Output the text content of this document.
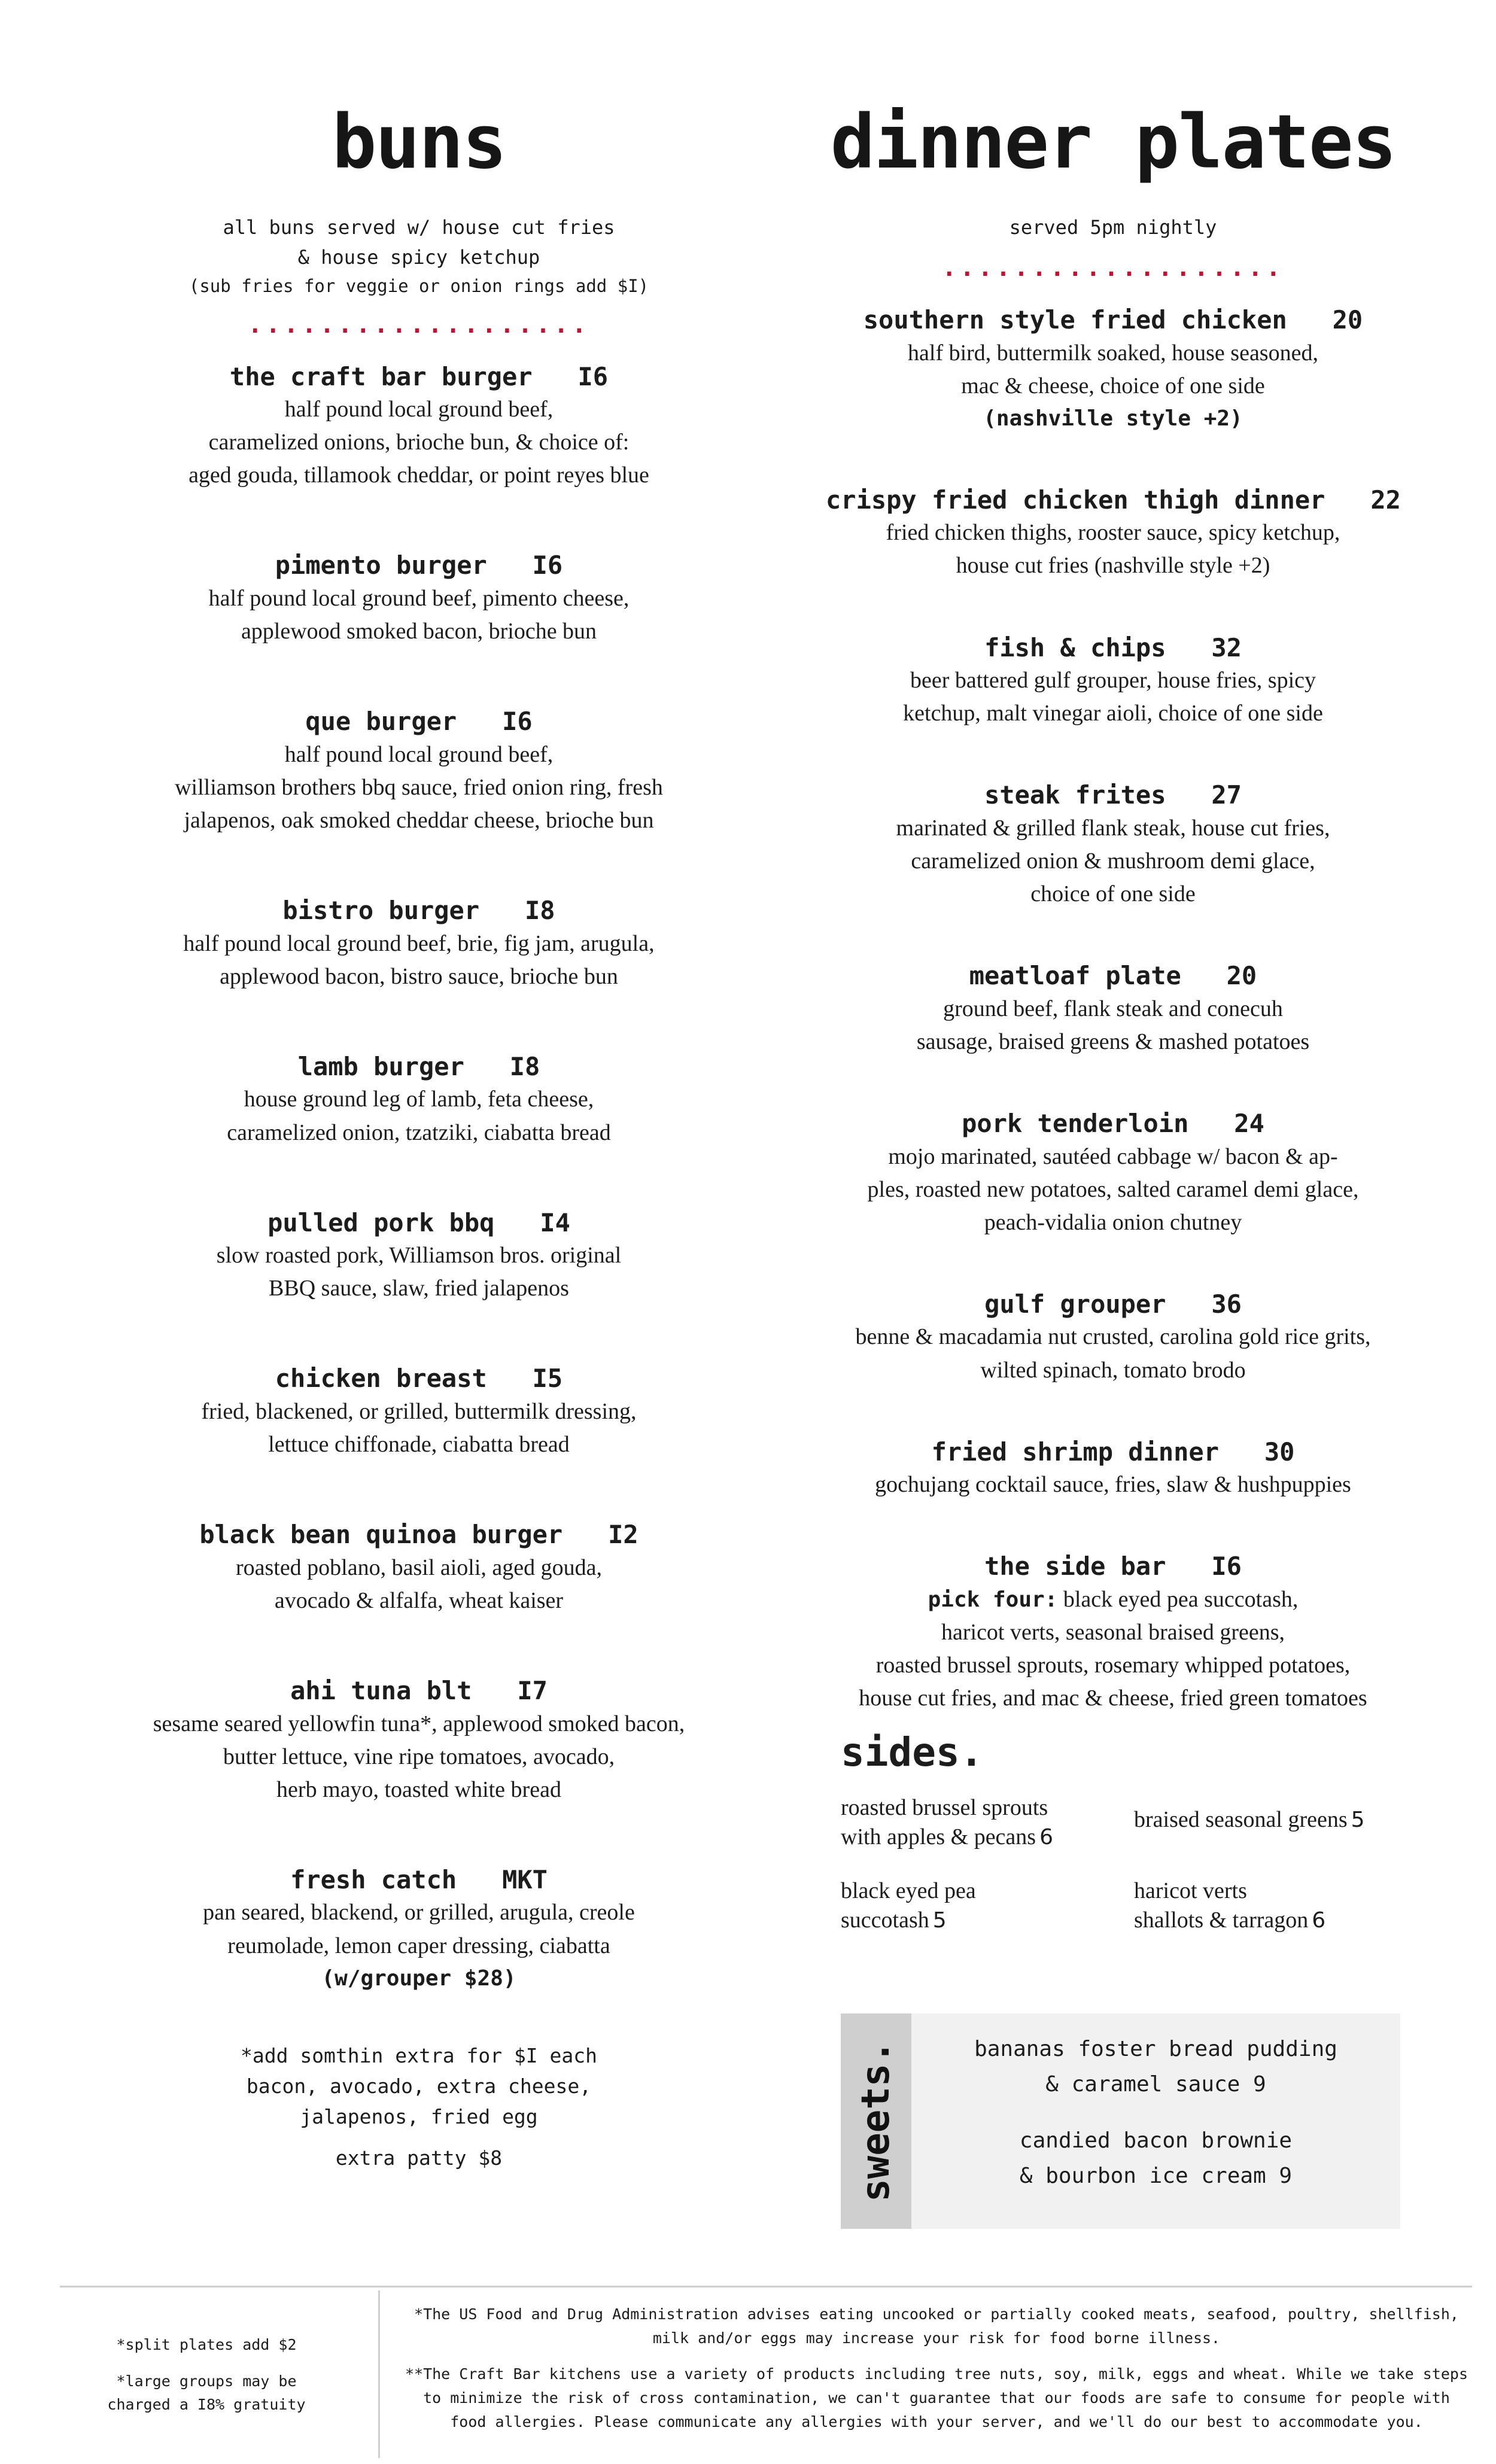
buns

all buns served w/ house cut fries

& house spicy ketchup

(sub fries for veggie or onion rings add $I)

...................
the craft bar burger I6
half pound local ground beef,
caramelized onions, brioche bun, & choice of:
aged gouda, tillamook cheddar, or point reyes blue
pimento burger I6
half pound local ground beef, pimento cheese,
applewood smoked bacon, brioche bun
que burger I6
half pound local ground beef,
williamson brothers bbq sauce, fried onion ring, fresh
jalapenos, oak smoked cheddar cheese, brioche bun
bistro burger I8
half pound local ground beef, brie, fig jam, arugula,
applewood bacon, bistro sauce, brioche bun
lamb burger I8
house ground leg of lamb, feta cheese,
caramelized onion, tzatziki, ciabatta bread
pulled pork bbq I4
slow roasted pork, Williamson bros. original
BBQ sauce, slaw, fried jalapenos
chicken breast I5
fried, blackened, or grilled, buttermilk dressing,
lettuce chiffonade, ciabatta bread
black bean quinoa burger I2
roasted poblano, basil aioli, aged gouda,
avocado & alfalfa, wheat kaiser
ahi tuna blt I7
sesame seared yellowfin tuna*, applewood smoked bacon,
butter lettuce, vine ripe tomatoes, avocado,
herb mayo, toasted white bread
fresh catch MKT
pan seared, blackend, or grilled, arugula, creole
reumolade, lemon caper dressing, ciabatta
(w/grouper $28)

*add somthin extra for $I each

bacon, avocado, extra cheese,

jalapenos, fried egg

extra patty $8

dinner plates

served 5pm nightly

...................
southern style fried chicken 20
half bird, buttermilk soaked, house seasoned,
mac & cheese, choice of one side
(nashville style +2)
crispy fried chicken thigh dinner 22
fried chicken thighs, rooster sauce, spicy ketchup,
house cut fries (nashville style +2)
fish & chips 32
beer battered gulf grouper, house fries, spicy
ketchup, malt vinegar aioli, choice of one side
steak frites 27
marinated & grilled flank steak, house cut fries,
caramelized onion & mushroom demi glace,
choice of one side
meatloaf plate 20
ground beef, flank steak and conecuh
sausage, braised greens & mashed potatoes
pork tenderloin 24
mojo marinated, sautéed cabbage w/ bacon & ap-
ples, roasted new potatoes, salted caramel demi glace,
peach-vidalia onion chutney
gulf grouper 36
benne & macadamia nut crusted, carolina gold rice grits,
wilted spinach, tomato brodo
fried shrimp dinner 30
gochujang cocktail sauce, fries, slaw & hushpuppies
the side bar I6
pick four: black eyed pea succotash,
haricot verts, seasonal braised greens,
roasted brussel sprouts, rosemary whipped potatoes,
house cut fries, and mac & cheese, fried green tomatoes
sides.
roasted brussel sprouts
with apples & pecans 6
braised seasonal greens 5
black eyed pea
succotash 5
haricot verts
shallots & tarragon 6
sweets.	bananas foster bread pudding
& caramel sauce 9
candied bacon brownie
& bourbon ice cream 9

*split plates add $2

*large groups may be
charged a I8% gratuity

*The US Food and Drug Administration advises eating uncooked or partially cooked meats, seafood, poultry, shellfish, milk and/or eggs may increase your risk for food borne illness.

**The Craft Bar kitchens use a variety of products including tree nuts, soy, milk, eggs and wheat. While we take steps to minimize the risk of cross contamination, we can't guarantee that our foods are safe to consume for people with food allergies. Please communicate any allergies with your server, and we'll do our best to accommodate you.
